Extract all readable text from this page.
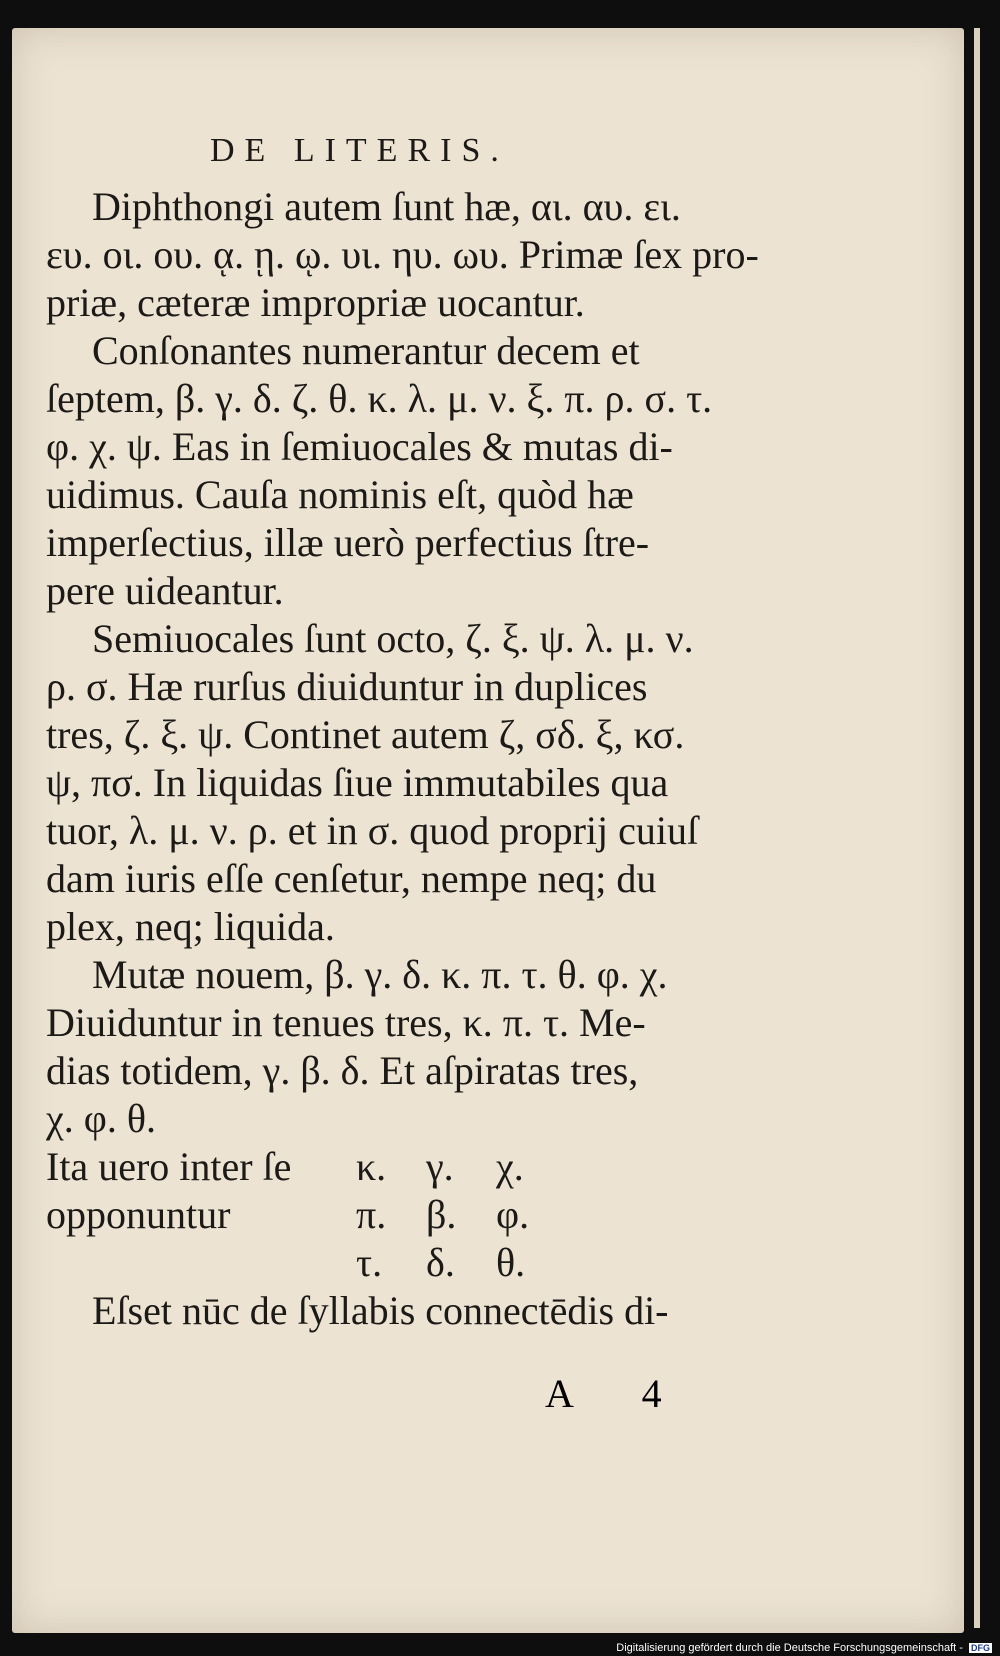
DE LITERIS.
Diphthongi autem ſunt hæ, αι. αυ. ει.
ευ. οι. ου. ᾳ. ῃ. ῳ. υι. ηυ. ωυ. Primæ ſex pro-
priæ, cæteræ impropriæ uocantur.
Conſonantes numerantur decem et
ſeptem, β. γ. δ. ζ. θ. κ. λ. μ. ν. ξ. π. ρ. σ. τ.
φ. χ. ψ. Eas in ſemiuocales & mutas di-
uidimus. Cauſa nominis eſt, quòd hæ
imperſectius, illæ uerò perfectius ſtre-
pere uideantur.
Semiuocales ſunt octo, ζ. ξ. ψ. λ. μ. ν.
ρ. σ. Hæ rurſus diuiduntur in duplices
tres, ζ. ξ. ψ. Continet autem ζ, σδ. ξ, κσ.
ψ, πσ. In liquidas ſiue immutabiles qua
tuor, λ. μ. ν. ρ. et in σ. quod proprij cuiuſ
dam iuris eſſe cenſetur, nempe neq; du
plex, neq; liquida.
Mutæ nouem, β. γ. δ. κ. π. τ. θ. φ. χ.
Diuiduntur in tenues tres, κ. π. τ. Me-
dias totidem, γ. β. δ. Et aſpiratas tres,
χ. φ. θ.
Ita uero inter ſe
opponuntur
κ.
π.
τ.
γ.
β.
δ.
χ.
φ.
θ.
Eſset nūc de ſyllabis connectēdis di-
A 4
Digitalisierung gefördert durch die Deutsche Forschungsgemeinschaft - DFG
